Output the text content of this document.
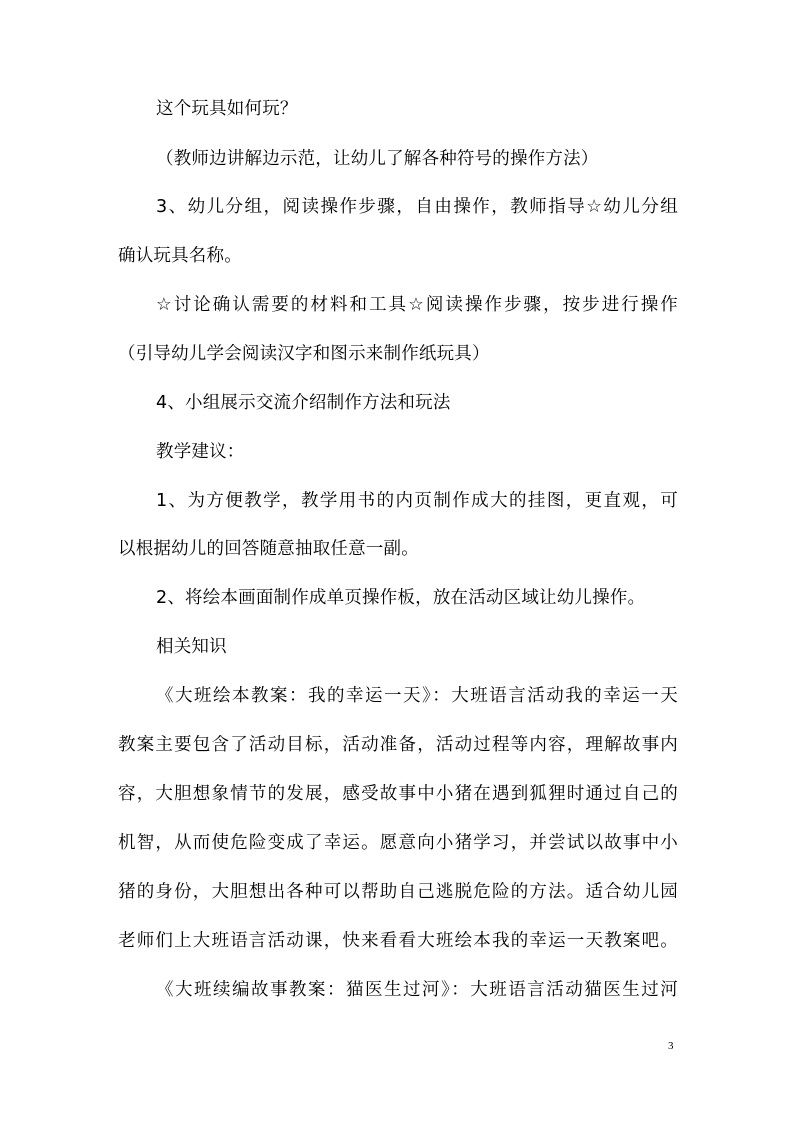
这个玩具如何玩？
（教师边讲解边示范，让幼儿了解各种符号的操作方法）
3、幼儿分组，阅读操作步骤，自由操作，教师指导☆幼儿分组
确认玩具名称。
☆讨论确认需要的材料和工具☆阅读操作步骤，按步进行操作
（引导幼儿学会阅读汉字和图示来制作纸玩具）
4、小组展示交流介绍制作方法和玩法
教学建议：
1、为方便教学，教学用书的内页制作成大的挂图，更直观，可
以根据幼儿的回答随意抽取任意一副。
2、将绘本画面制作成单页操作板，放在活动区域让幼儿操作。
相关知识
《大班绘本教案：我的幸运一天》：大班语言活动我的幸运一天
教案主要包含了活动目标，活动准备，活动过程等内容，理解故事内
容，大胆想象情节的发展，感受故事中小猪在遇到狐狸时通过自己的
机智，从而使危险变成了幸运。愿意向小猪学习，并尝试以故事中小
猪的身份，大胆想出各种可以帮助自己逃脱危险的方法。适合幼儿园
老师们上大班语言活动课，快来看看大班绘本我的幸运一天教案吧。
《大班续编故事教案：猫医生过河》：大班语言活动猫医生过河
3
